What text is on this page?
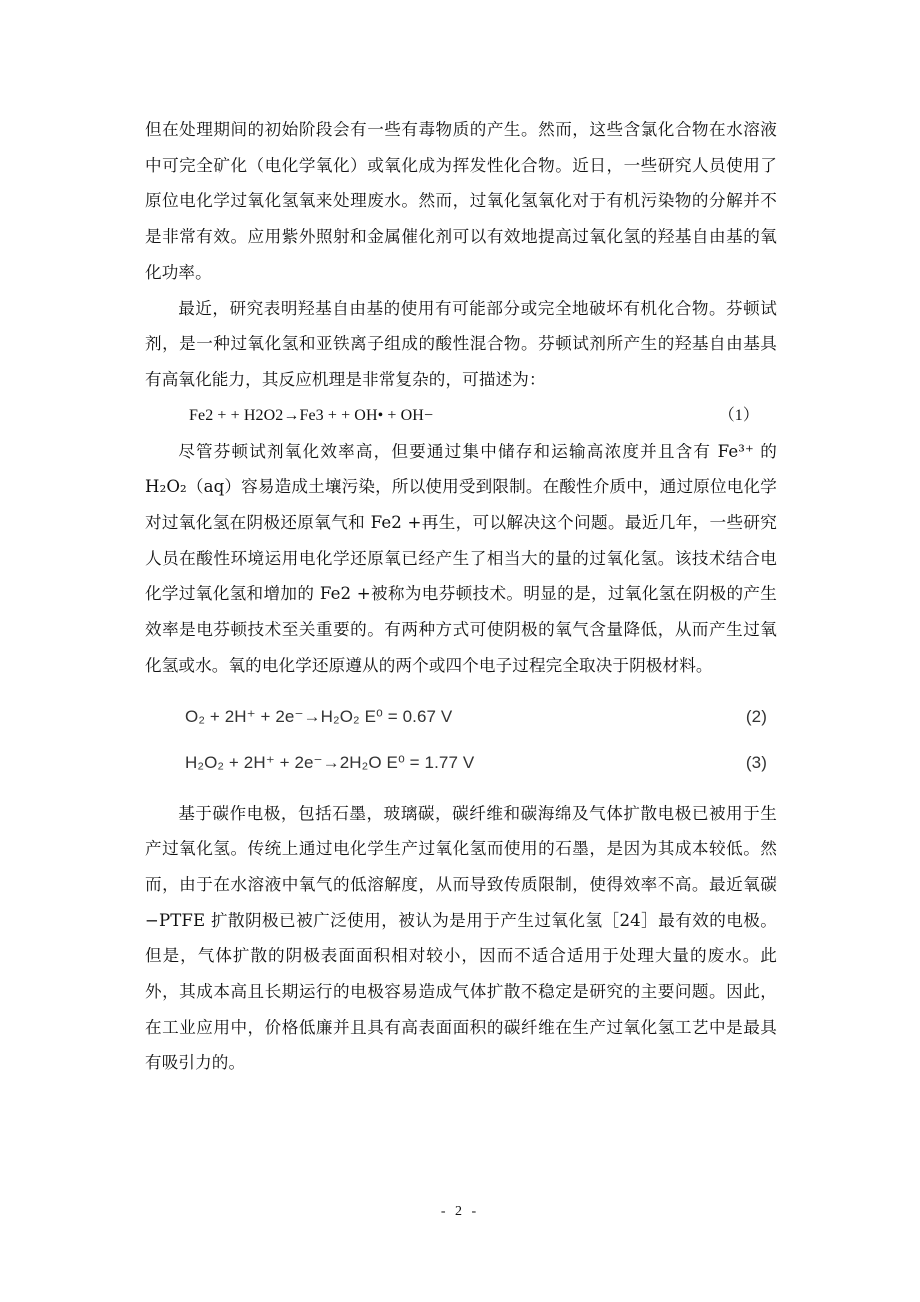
但在处理期间的初始阶段会有一些有毒物质的产生。然而，这些含氯化合物在水溶液中可完全矿化（电化学氧化）或氧化成为挥发性化合物。近日，一些研究人员使用了原位电化学过氧化氢氧来处理废水。然而，过氧化氢氧化对于有机污染物的分解并不是非常有效。应用紫外照射和金属催化剂可以有效地提高过氧化氢的羟基自由基的氧化功率。

最近，研究表明羟基自由基的使用有可能部分或完全地破坏有机化合物。芬顿试剂，是一种过氧化氢和亚铁离子组成的酸性混合物。芬顿试剂所产生的羟基自由基具有高氧化能力，其反应机理是非常复杂的，可描述为：

Fe2 + + H2O2→Fe3 + + OH• + OH−	（1）

尽管芬顿试剂氧化效率高，但要通过集中储存和运输高浓度并且含有 Fe³⁺ 的 H₂O₂（aq）容易造成土壤污染，所以使用受到限制。在酸性介质中，通过原位电化学对过氧化氢在阴极还原氧气和 Fe2 +再生，可以解决这个问题。最近几年，一些研究人员在酸性环境运用电化学还原氧已经产生了相当大的量的过氧化氢。该技术结合电化学过氧化氢和增加的 Fe2 +被称为电芬顿技术。明显的是，过氧化氢在阴极的产生效率是电芬顿技术至关重要的。有两种方式可使阴极的氧气含量降低，从而产生过氧化氢或水。氧的电化学还原遵从的两个或四个电子过程完全取决于阴极材料。

O₂ + 2H⁺ + 2e⁻→H₂O₂ E⁰ = 0.67 V	(2)
H₂O₂ + 2H⁺ + 2e⁻→2H₂O E⁰ = 1.77 V	(3)

基于碳作电极，包括石墨，玻璃碳，碳纤维和碳海绵及气体扩散电极已被用于生产过氧化氢。传统上通过电化学生产过氧化氢而使用的石墨，是因为其成本较低。然而，由于在水溶液中氧气的低溶解度，从而导致传质限制，使得效率不高。最近氧碳−PTFE 扩散阴极已被广泛使用，被认为是用于产生过氧化氢［24］最有效的电极。但是，气体扩散的阴极表面面积相对较小，因而不适合适用于处理大量的废水。此外，其成本高且长期运行的电极容易造成气体扩散不稳定是研究的主要问题。因此，在工业应用中，价格低廉并且具有高表面面积的碳纤维在生产过氧化氢工艺中是最具有吸引力的。

- 2 -
